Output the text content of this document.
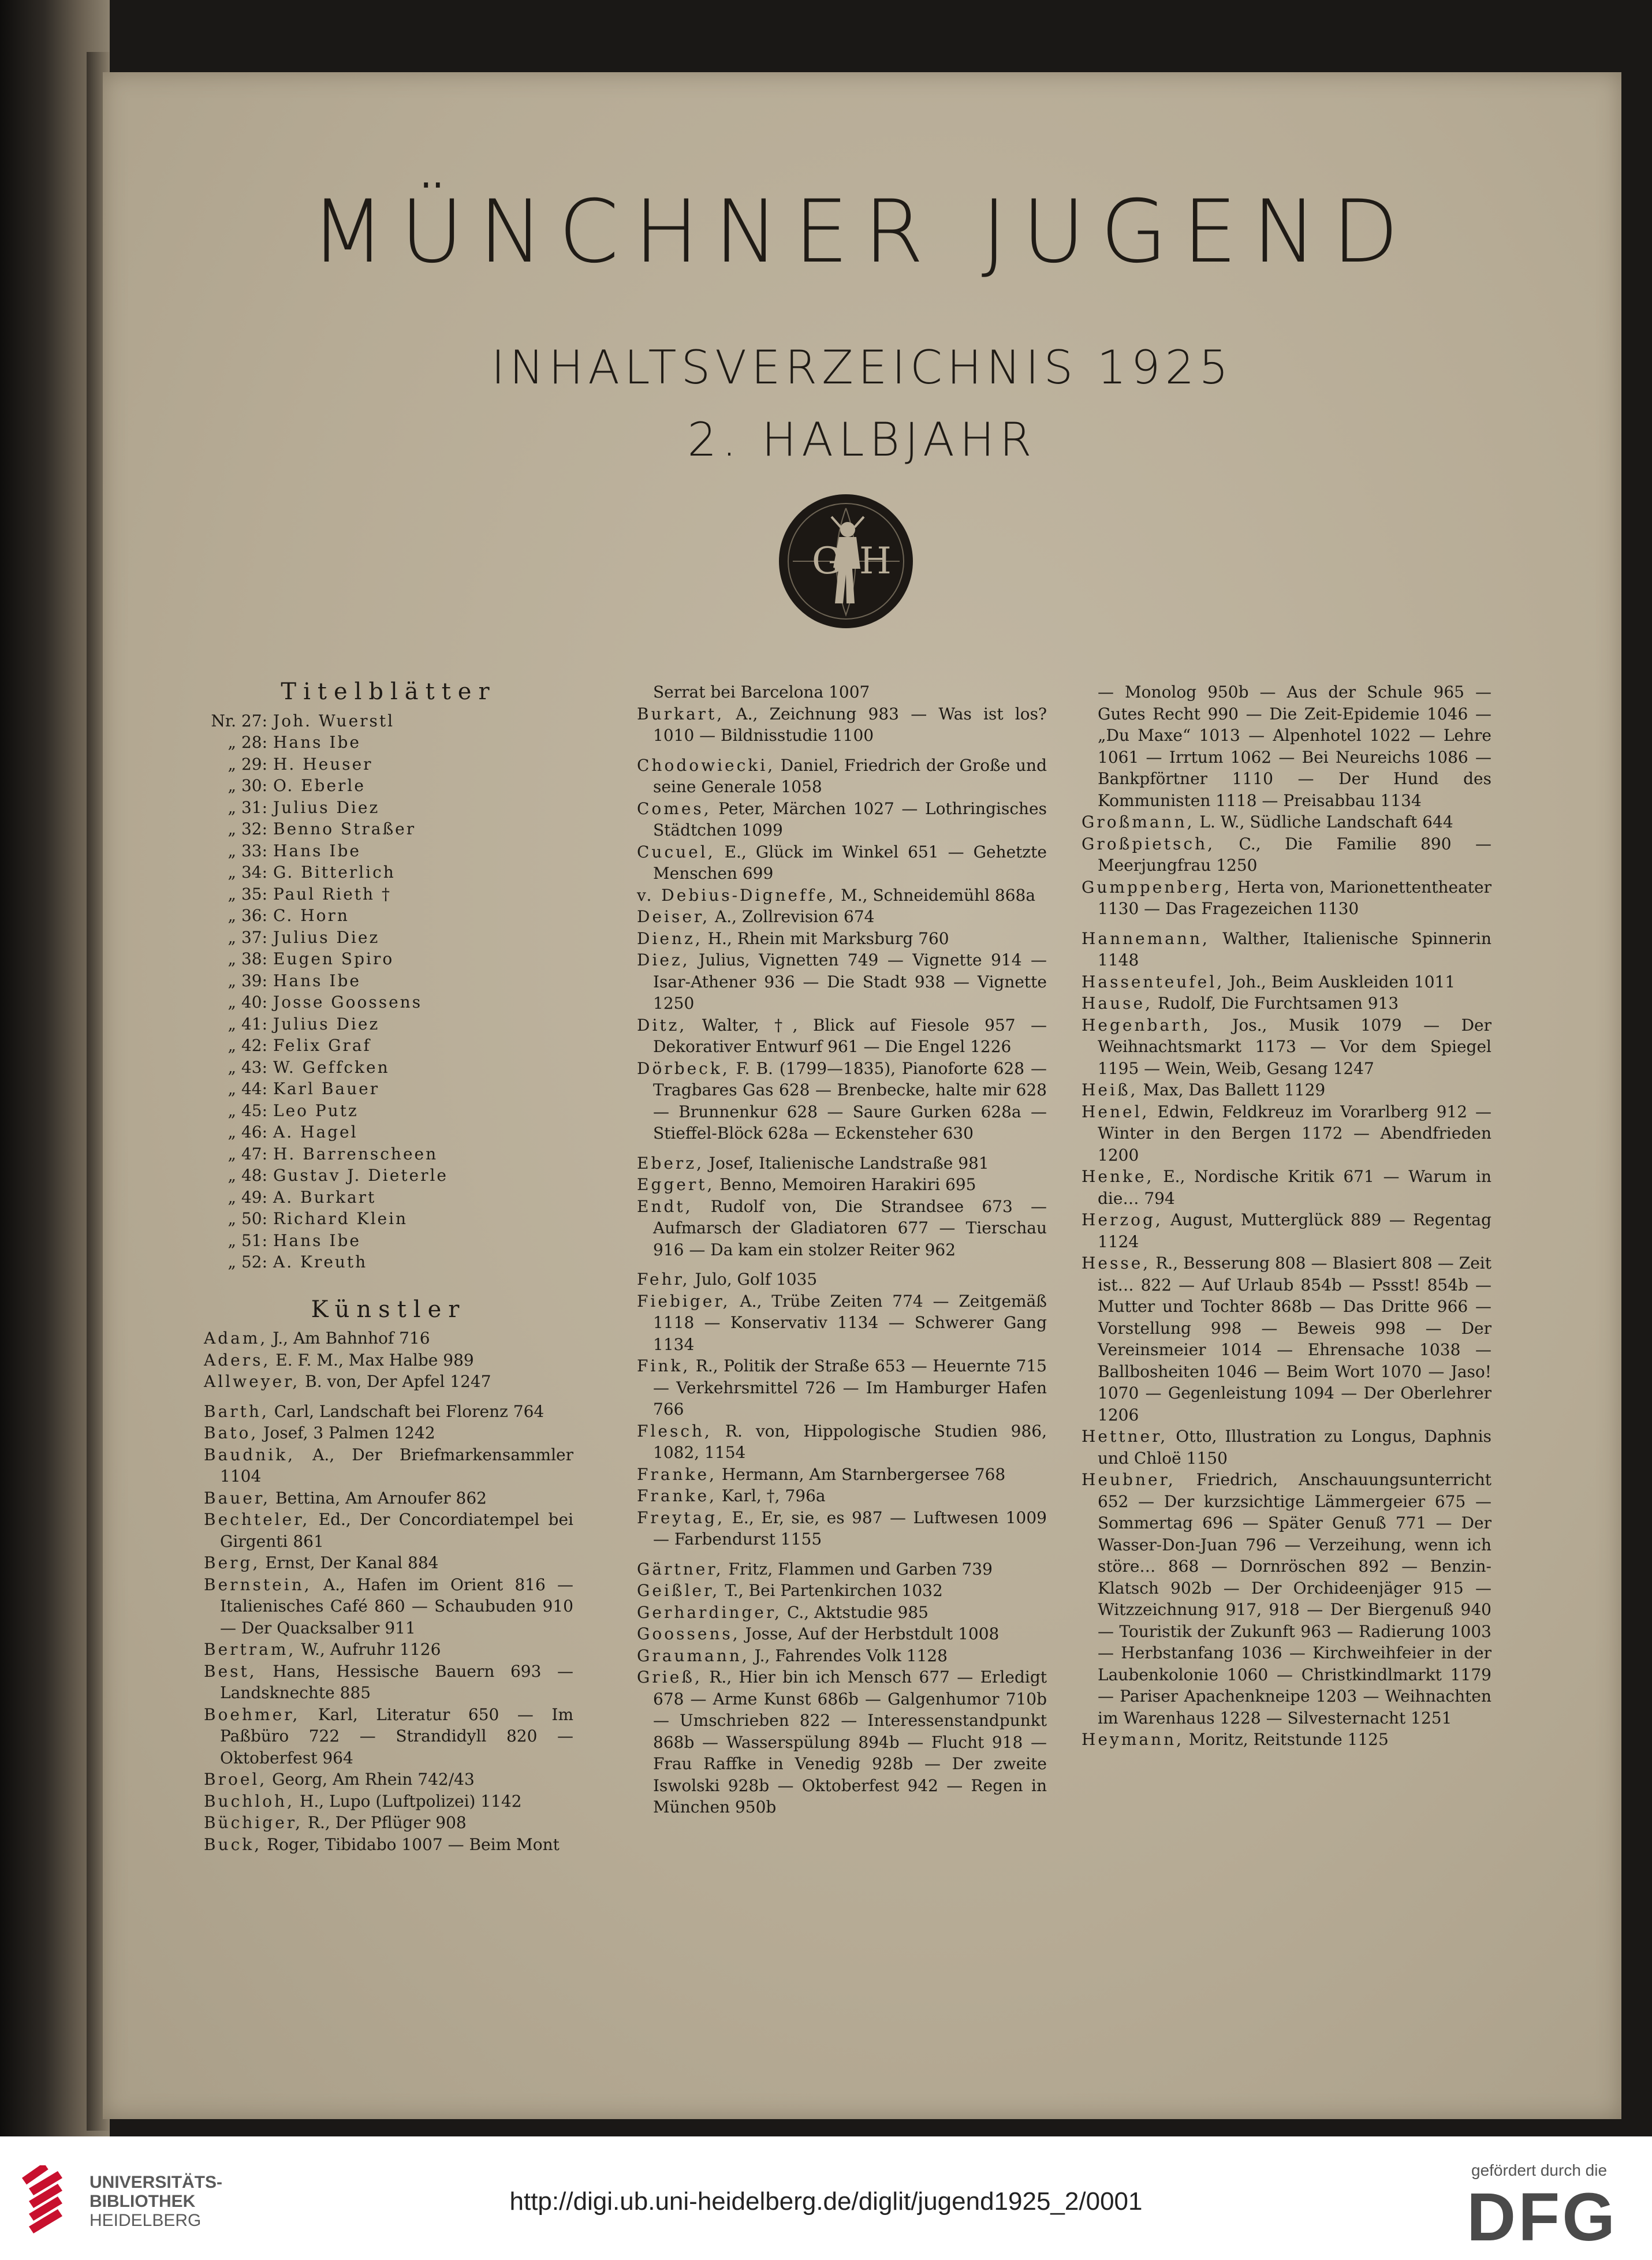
MÜNCHNER JUGEND
INHALTSVERZEICHNIS 1925
2. HALBJAHR
G H
Titelblätter
Nr. 27: Joh. Wuerstl
„ 28: Hans Ibe
„ 29: H. Heuser
„ 30: O. Eberle
„ 31: Julius Diez
„ 32: Benno Straßer
„ 33: Hans Ibe
„ 34: G. Bitterlich
„ 35: Paul Rieth †
„ 36: C. Horn
„ 37: Julius Diez
„ 38: Eugen Spiro
„ 39: Hans Ibe
„ 40: Josse Goossens
„ 41: Julius Diez
„ 42: Felix Graf
„ 43: W. Geffcken
„ 44: Karl Bauer
„ 45: Leo Putz
„ 46: A. Hagel
„ 47: H. Barrenscheen
„ 48: Gustav J. Dieterle
„ 49: A. Burkart
„ 50: Richard Klein
„ 51: Hans Ibe
„ 52: A. Kreuth
Künstler
Adam, J., Am Bahnhof 716
Aders, E. F. M., Max Halbe 989
Allweyer, B. von, Der Apfel 1247
Barth, Carl, Landschaft bei Florenz 764
Bato, Josef, 3 Palmen 1242
Baudnik, A., Der Briefmarkensammler 1104
Bauer, Bettina, Am Arnoufer 862
Bechteler, Ed., Der Concordiatempel bei Girgenti 861
Berg, Ernst, Der Kanal 884
Bernstein, A., Hafen im Orient 816 — Italienisches Café 860 — Schaubuden 910 — Der Quacksalber 911
Bertram, W., Aufruhr 1126
Best, Hans, Hessische Bauern 693 — Landsknechte 885
Boehmer, Karl, Literatur 650 — Im Paßbüro 722 — Strandidyll 820 — Oktoberfest 964
Broel, Georg, Am Rhein 742/43
Buchloh, H., Lupo (Luftpolizei) 1142
Büchiger, R., Der Pflüger 908
Buck, Roger, Tibidabo 1007 — Beim Mont
Serrat bei Barcelona 1007
Burkart, A., Zeichnung 983 — Was ist los? 1010 — Bildnisstudie 1100
Chodowiecki, Daniel, Friedrich der Große und seine Generale 1058
Comes, Peter, Märchen 1027 — Lothringisches Städtchen 1099
Cucuel, E., Glück im Winkel 651 — Gehetzte Menschen 699
v. Debius-Digneffe, M., Schneidemühl 868a
Deiser, A., Zollrevision 674
Dienz, H., Rhein mit Marksburg 760
Diez, Julius, Vignetten 749 — Vignette 914 — Isar-Athener 936 — Die Stadt 938 — Vignette 1250
Ditz, Walter, †, Blick auf Fiesole 957 — Dekorativer Entwurf 961 — Die Engel 1226
Dörbeck, F. B. (1799—1835), Pianoforte 628 — Tragbares Gas 628 — Brenbecke, halte mir 628 — Brunnenkur 628 — Saure Gurken 628a — Stieffel-Blöck 628a — Eckensteher 630
Eberz, Josef, Italienische Landstraße 981
Eggert, Benno, Memoiren Harakiri 695
Endt, Rudolf von, Die Strandsee 673 — Aufmarsch der Gladiatoren 677 — Tierschau 916 — Da kam ein stolzer Reiter 962
Fehr, Julo, Golf 1035
Fiebiger, A., Trübe Zeiten 774 — Zeitgemäß 1118 — Konservativ 1134 — Schwerer Gang 1134
Fink, R., Politik der Straße 653 — Heuernte 715 — Verkehrsmittel 726 — Im Hamburger Hafen 766
Flesch, R. von, Hippologische Studien 986, 1082, 1154
Franke, Hermann, Am Starnbergersee 768
Franke, Karl, †, 796a
Freytag, E., Er, sie, es 987 — Luftwesen 1009 — Farbendurst 1155
Gärtner, Fritz, Flammen und Garben 739
Geißler, T., Bei Partenkirchen 1032
Gerhardinger, C., Aktstudie 985
Goossens, Josse, Auf der Herbstdult 1008
Graumann, J., Fahrendes Volk 1128
Grieß, R., Hier bin ich Mensch 677 — Erledigt 678 — Arme Kunst 686b — Galgenhumor 710b — Umschrieben 822 — Interessenstandpunkt 868b — Wasserspülung 894b — Flucht 918 — Frau Raffke in Venedig 928b — Der zweite Iswolski 928b — Oktoberfest 942 — Regen in München 950b
— Monolog 950b — Aus der Schule 965 — Gutes Recht 990 — Die Zeit-Epidemie 1046 — „Du Maxe“ 1013 — Alpenhotel 1022 — Lehre 1061 — Irrtum 1062 — Bei Neureichs 1086 — Bankpförtner 1110 — Der Hund des Kommunisten 1118 — Preisabbau 1134
Großmann, L. W., Südliche Landschaft 644
Großpietsch, C., Die Familie 890 — Meerjungfrau 1250
Gumppenberg, Herta von, Marionettentheater 1130 — Das Fragezeichen 1130
Hannemann, Walther, Italienische Spinnerin 1148
Hassenteufel, Joh., Beim Auskleiden 1011
Hause, Rudolf, Die Furchtsamen 913
Hegenbarth, Jos., Musik 1079 — Der Weihnachtsmarkt 1173 — Vor dem Spiegel 1195 — Wein, Weib, Gesang 1247
Heiß, Max, Das Ballett 1129
Henel, Edwin, Feldkreuz im Vorarlberg 912 — Winter in den Bergen 1172 — Abendfrieden 1200
Henke, E., Nordische Kritik 671 — Warum in die… 794
Herzog, August, Mutterglück 889 — Regentag 1124
Hesse, R., Besserung 808 — Blasiert 808 — Zeit ist… 822 — Auf Urlaub 854b — Pssst! 854b — Mutter und Tochter 868b — Das Dritte 966 — Vorstellung 998 — Beweis 998 — Der Vereinsmeier 1014 — Ehrensache 1038 — Ballbosheiten 1046 — Beim Wort 1070 — Jaso! 1070 — Gegenleistung 1094 — Der Oberlehrer 1206
Hettner, Otto, Illustration zu Longus, Daphnis und Chloë 1150
Heubner, Friedrich, Anschauungsunterricht 652 — Der kurzsichtige Lämmergeier 675 — Sommertag 696 — Später Genuß 771 — Der Wasser-Don-Juan 796 — Verzeihung, wenn ich störe… 868 — Dornröschen 892 — Benzin-Klatsch 902b — Der Orchideenjäger 915 — Witzzeichnung 917, 918 — Der Biergenuß 940 — Touristik der Zukunft 963 — Radierung 1003 — Herbstanfang 1036 — Kirchweihfeier in der Laubenkolonie 1060 — Christkindlmarkt 1179 — Pariser Apachenkneipe 1203 — Weihnachten im Warenhaus 1228 — Silvesternacht 1251
Heymann, Moritz, Reitstunde 1125
UNIVERSITÄTS-
BIBLIOTHEK
HEIDELBERG
http://digi.ub.uni-heidelberg.de/diglit/jugend1925_2/0001
gefördert durch die
DFG
